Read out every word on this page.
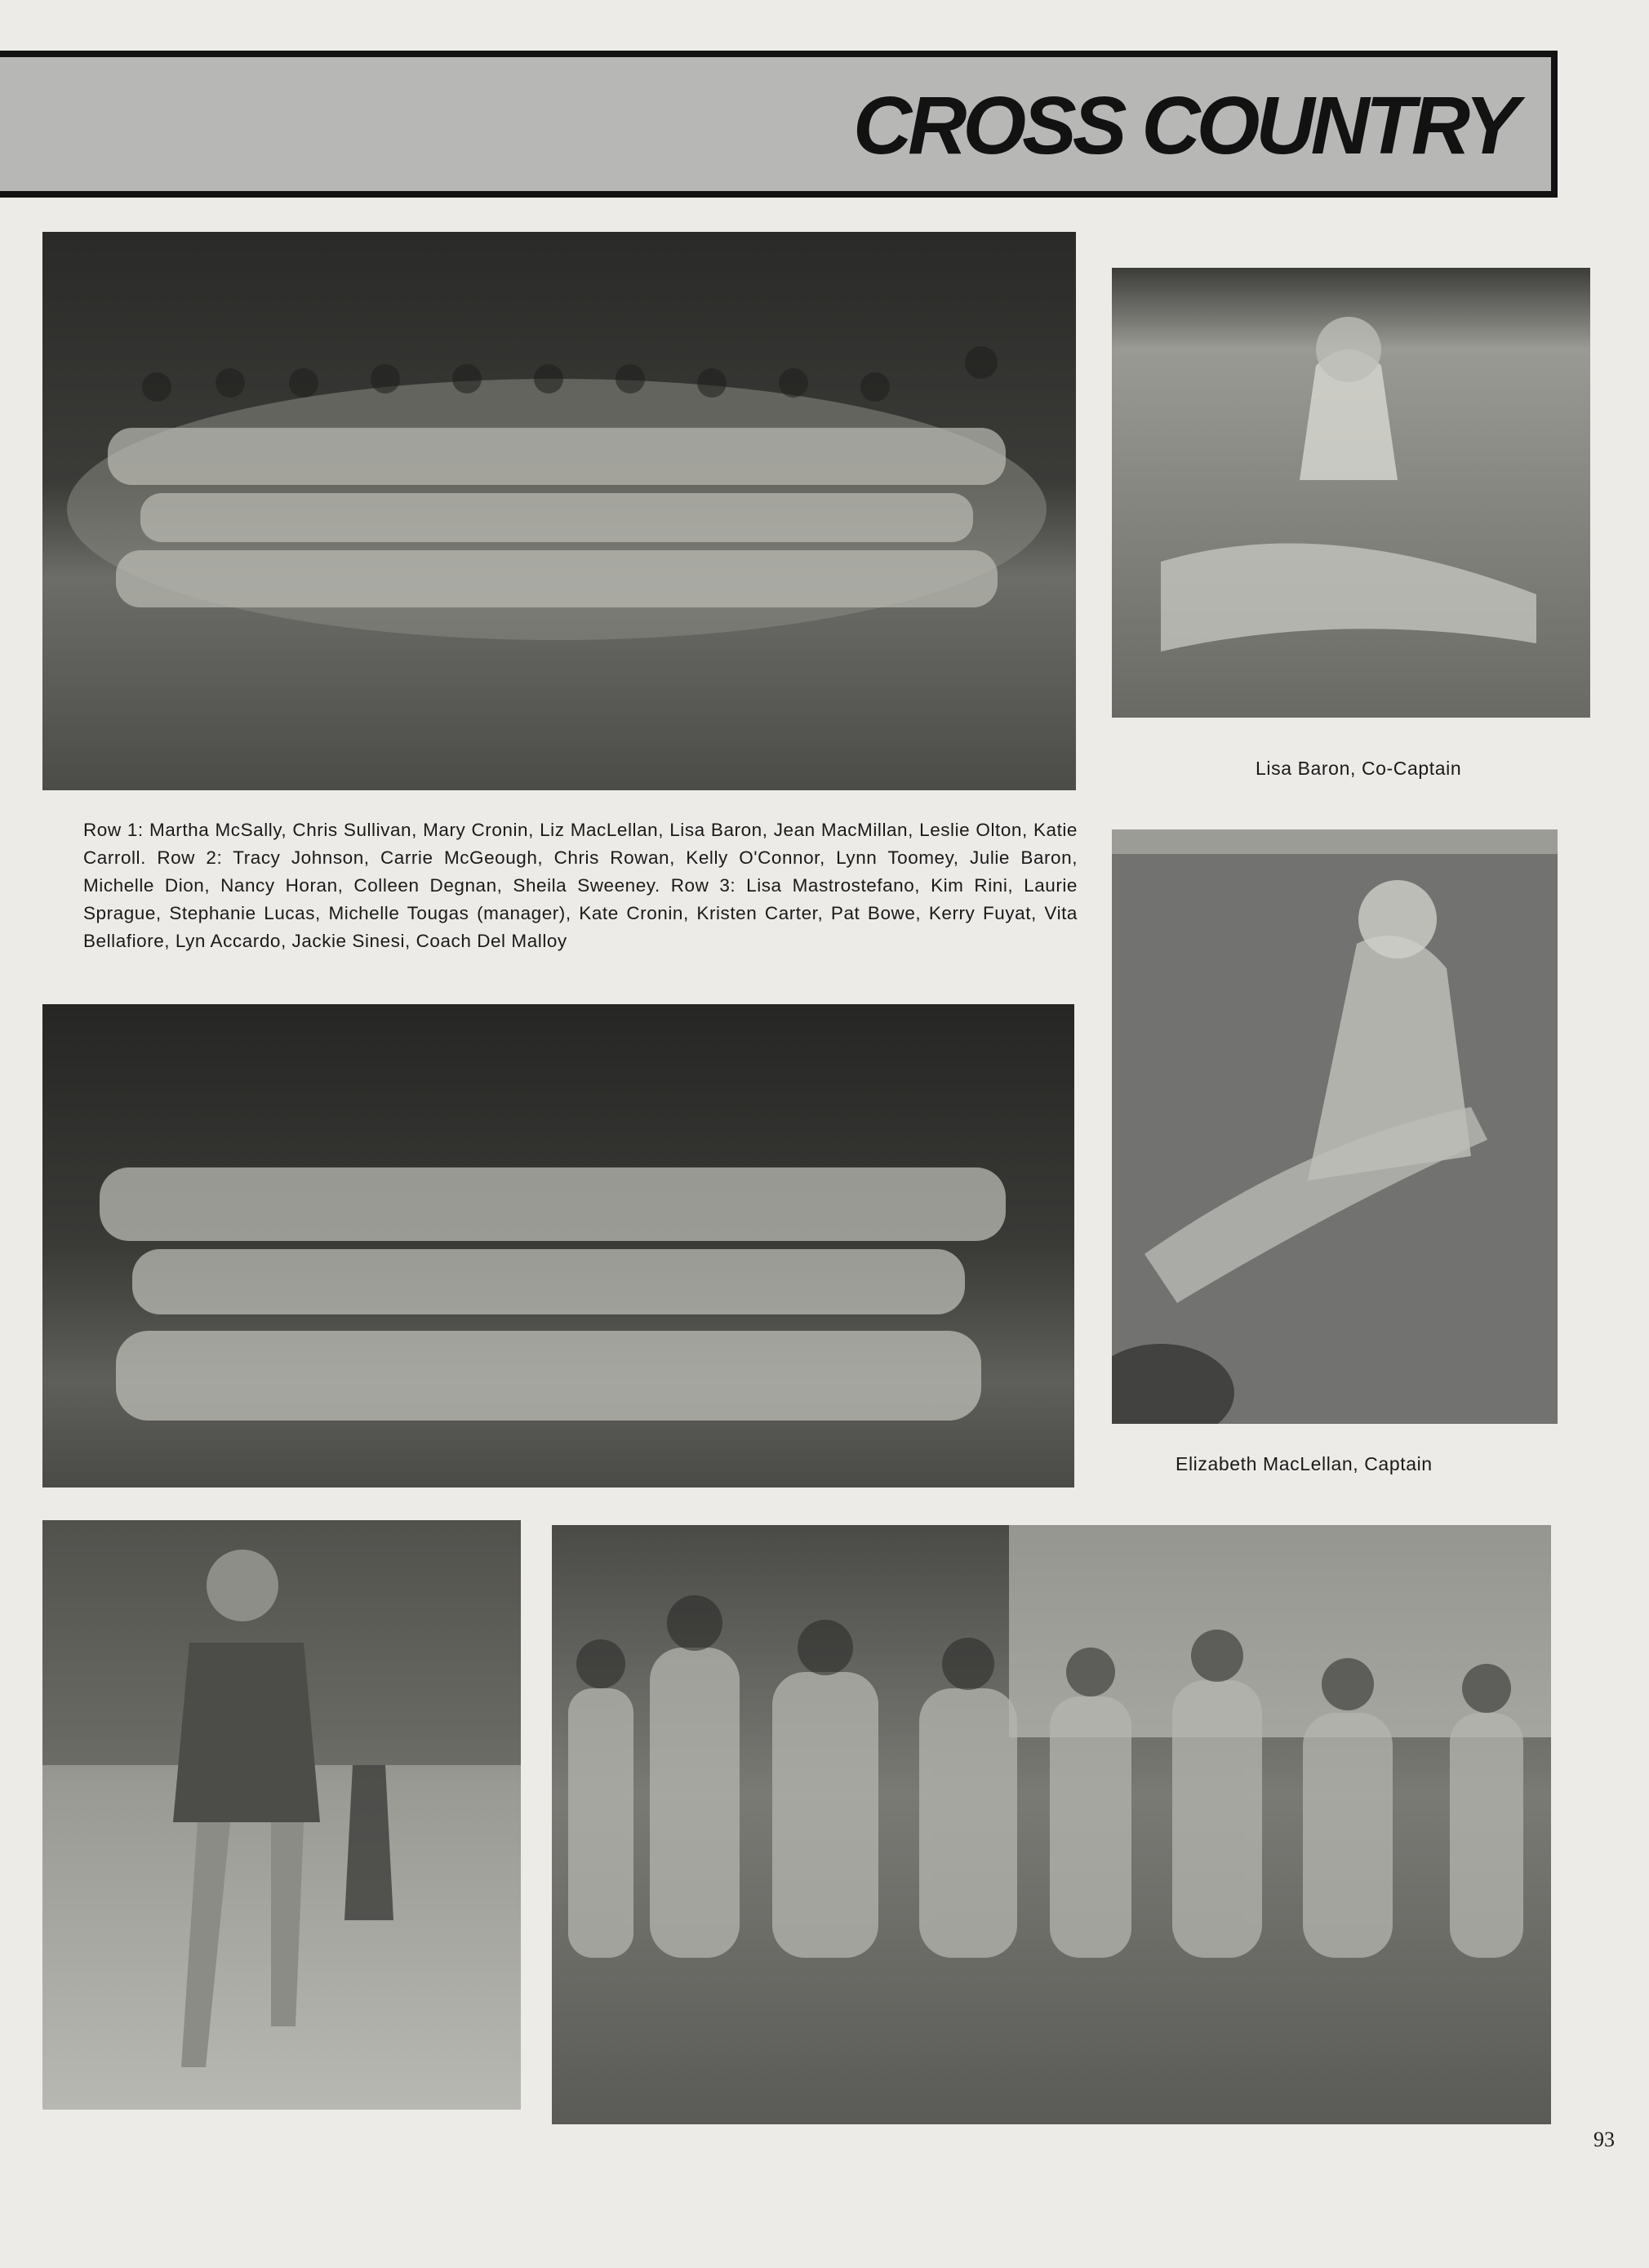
CROSS COUNTRY
Lisa Baron, Co-Captain

Row 1: Martha McSally, Chris Sullivan, Mary Cronin, Liz MacLellan, Lisa Baron, Jean MacMillan, Leslie Olton, Katie Carroll. Row 2: Tracy Johnson, Carrie McGeough, Chris Rowan, Kelly O'Connor, Lynn Toomey, Julie Baron, Michelle Dion, Nancy Horan, Colleen Degnan, Sheila Sweeney. Row 3: Lisa Mastrostefano, Kim Rini, Laurie Sprague, Stephanie Lucas, Michelle Tougas (manager), Kate Cronin, Kristen Carter, Pat Bowe, Kerry Fuyat, Vita Bellafiore, Lyn Accardo, Jackie Sinesi, Coach Del Malloy

Elizabeth MacLellan, Captain
93
